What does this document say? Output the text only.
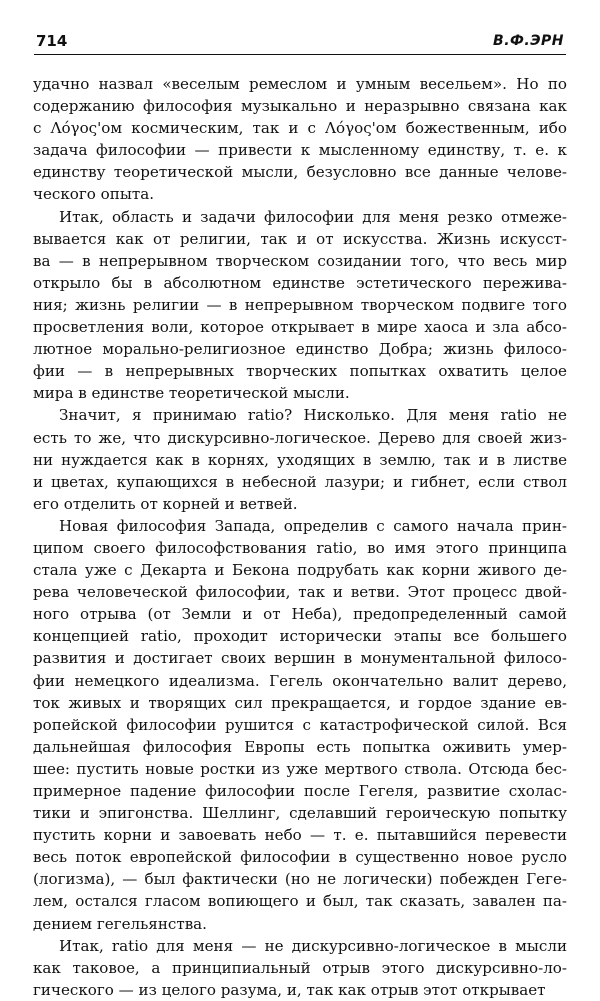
714	В.Ф.ЭРН
удачно назвал «веселым ремеслом и умным весельем». Но по
содержанию философия музыкально и неразрывно связана как
с Λόγος'ом космическим, так и с Λόγος'ом божественным, ибо
задача философии — привести к мысленному единству, т. е. к
единству теоретической мысли, безусловно все данные челове-
ческого опыта.
Итак, область и задачи философии для меня резко отмеже-
вывается как от религии, так и от искусства. Жизнь искусст-
ва — в непрерывном творческом созидании того, что весь мир
открыло бы в абсолютном единстве эстетического пережива-
ния; жизнь религии — в непрерывном творческом подвиге того
просветления воли, которое открывает в мире хаоса и зла абсо-
лютное морально-религиозное единство Добра; жизнь филосо-
фии — в непрерывных творческих попытках охватить целое
мира в единстве теоретической мысли.
Значит, я принимаю ratio? Нисколько. Для меня ratio не
есть то же, что дискурсивно-логическое. Дерево для своей жиз-
ни нуждается как в корнях, уходящих в землю, так и в листве
и цветах, купающихся в небесной лазури; и гибнет, если ствол
его отделить от корней и ветвей.
Новая философия Запада, определив с самого начала прин-
ципом своего философствования ratio, во имя этого принципа
стала уже с Декарта и Бекона подрубать как корни живого де-
рева человеческой философии, так и ветви. Этот процесс двой-
ного отрыва (от Земли и от Неба), предопределенный самой
концепцией ratio, проходит исторически этапы все большего
развития и достигает своих вершин в монументальной филосо-
фии немецкого идеализма. Гегель окончательно валит дерево,
ток живых и творящих сил прекращается, и гордое здание ев-
ропейской философии рушится с катастрофической силой. Вся
дальнейшая философия Европы есть попытка оживить умер-
шее: пустить новые ростки из уже мертвого ствола. Отсюда бес-
примерное падение философии после Гегеля, развитие схолас-
тики и эпигонства. Шеллинг, сделавший героическую попытку
пустить корни и завоевать небо — т. е. пытавшийся перевести
весь поток европейской философии в существенно новое русло
(логизма), — был фактически (но не логически) побежден Геге-
лем, остался гласом вопиющего и был, так сказать, завален па-
дением гегельянства.
Итак, ratio для меня — не дискурсивно-логическое в мысли
как таковое, а принципиальный отрыв этого дискурсивно-ло-
гического — из целого разума, и, так как отрыв этот открывает
